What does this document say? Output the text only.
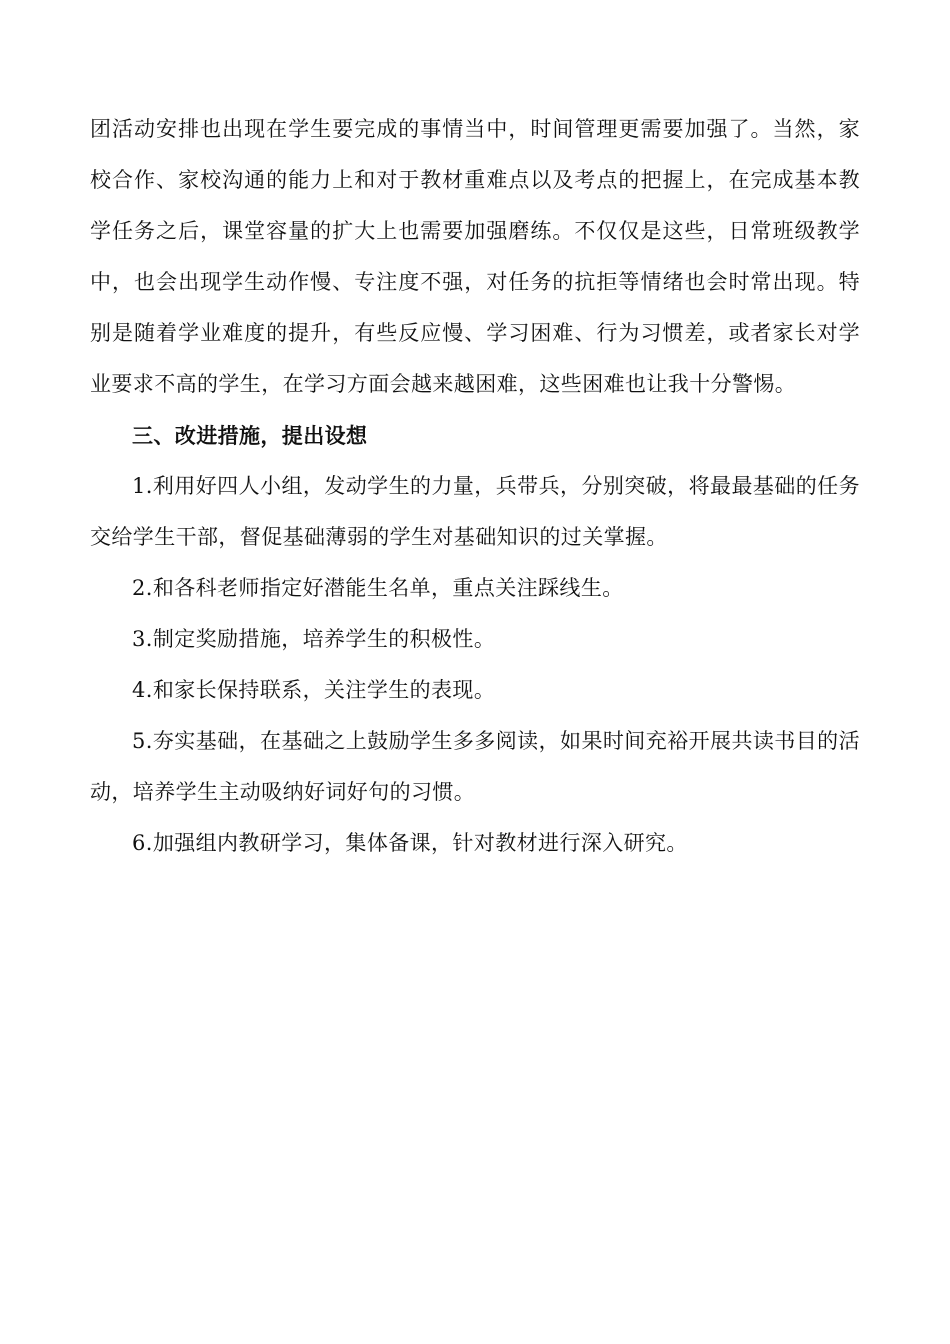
团活动安排也出现在学生要完成的事情当中，时间管理更需要加强了。当然，家校合作、家校沟通的能力上和对于教材重难点以及考点的把握上，在完成基本教学任务之后，课堂容量的扩大上也需要加强磨练。不仅仅是这些，日常班级教学中，也会出现学生动作慢、专注度不强，对任务的抗拒等情绪也会时常出现。特别是随着学业难度的提升，有些反应慢、学习困难、行为习惯差，或者家长对学业要求不高的学生，在学习方面会越来越困难，这些困难也让我十分警惕。

三、改进措施，提出设想

1.利用好四人小组，发动学生的力量，兵带兵，分别突破，将最最基础的任务交给学生干部，督促基础薄弱的学生对基础知识的过关掌握。

2.和各科老师指定好潜能生名单，重点关注踩线生。

3.制定奖励措施，培养学生的积极性。

4.和家长保持联系，关注学生的表现。

5.夯实基础，在基础之上鼓励学生多多阅读，如果时间充裕开展共读书目的活动，培养学生主动吸纳好词好句的习惯。

6.加强组内教研学习，集体备课，针对教材进行深入研究。
